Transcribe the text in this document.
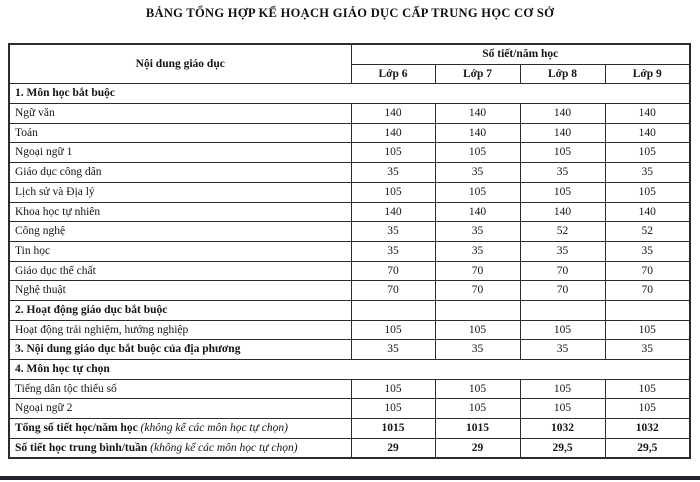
BẢNG TỔNG HỢP KẾ HOẠCH GIÁO DỤC CẤP TRUNG HỌC CƠ SỞ
Nội dung giáo dục	Số tiết/năm học			
	Lớp 6	Lớp 7	Lớp 8	Lớp 9
1. Môn học bắt buộc				
Ngữ văn	140	140	140	140
Toán	140	140	140	140
Ngoại ngữ 1	105	105	105	105
Giáo dục công dân	35	35	35	35
Lịch sử và Địa lý	105	105	105	105
Khoa học tự nhiên	140	140	140	140
Công nghệ	35	35	52	52
Tin học	35	35	35	35
Giáo dục thể chất	70	70	70	70
Nghệ thuật	70	70	70	70
2. Hoạt động giáo dục bắt buộc				
Hoạt động trải nghiệm, hướng nghiệp	105	105	105	105
3. Nội dung giáo dục bắt buộc của địa phương	35	35	35	35
4. Môn học tự chọn				
Tiếng dân tộc thiểu số	105	105	105	105
Ngoại ngữ 2	105	105	105	105
Tổng số tiết học/năm học (không kể các môn học tự chọn)	1015	1015	1032	1032
Số tiết học trung bình/tuần (không kể các môn học tự chọn)	29	29	29,5	29,5
